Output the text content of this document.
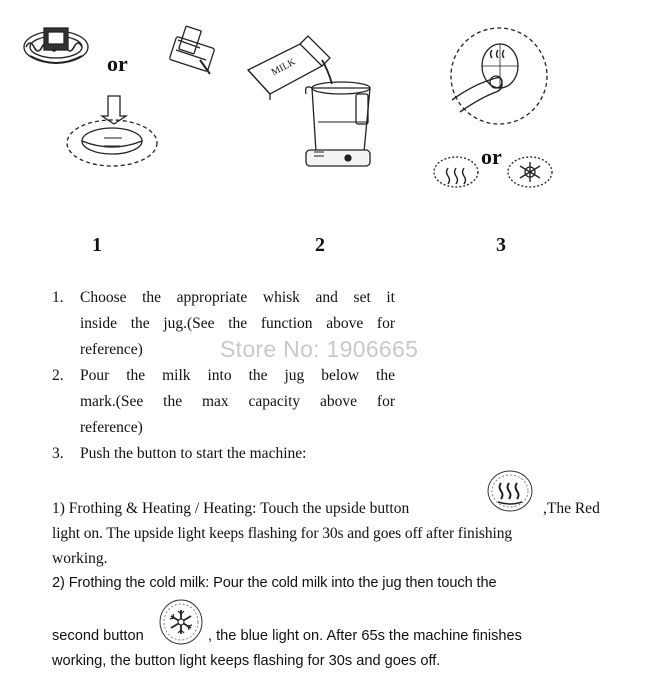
MILK
or
or
1	2	3
1. Choose the appropriate whisk and set it
inside the jug.(See the function above for
reference)
2. Pour the milk into the jug below the
mark.(See the max capacity above for
reference)
3. Push the button to start the machine:
Store No: 1906665
1) Frothing & Heating / Heating: Touch the upside button	,The Red
light on. The upside light keeps flashing for 30s and goes off after finishing
working.
2) Frothing the cold milk: Pour the cold milk into the jug then touch the
second button	, the blue light on. After 65s the machine finishes
working, the button light keeps flashing for 30s and goes off.
